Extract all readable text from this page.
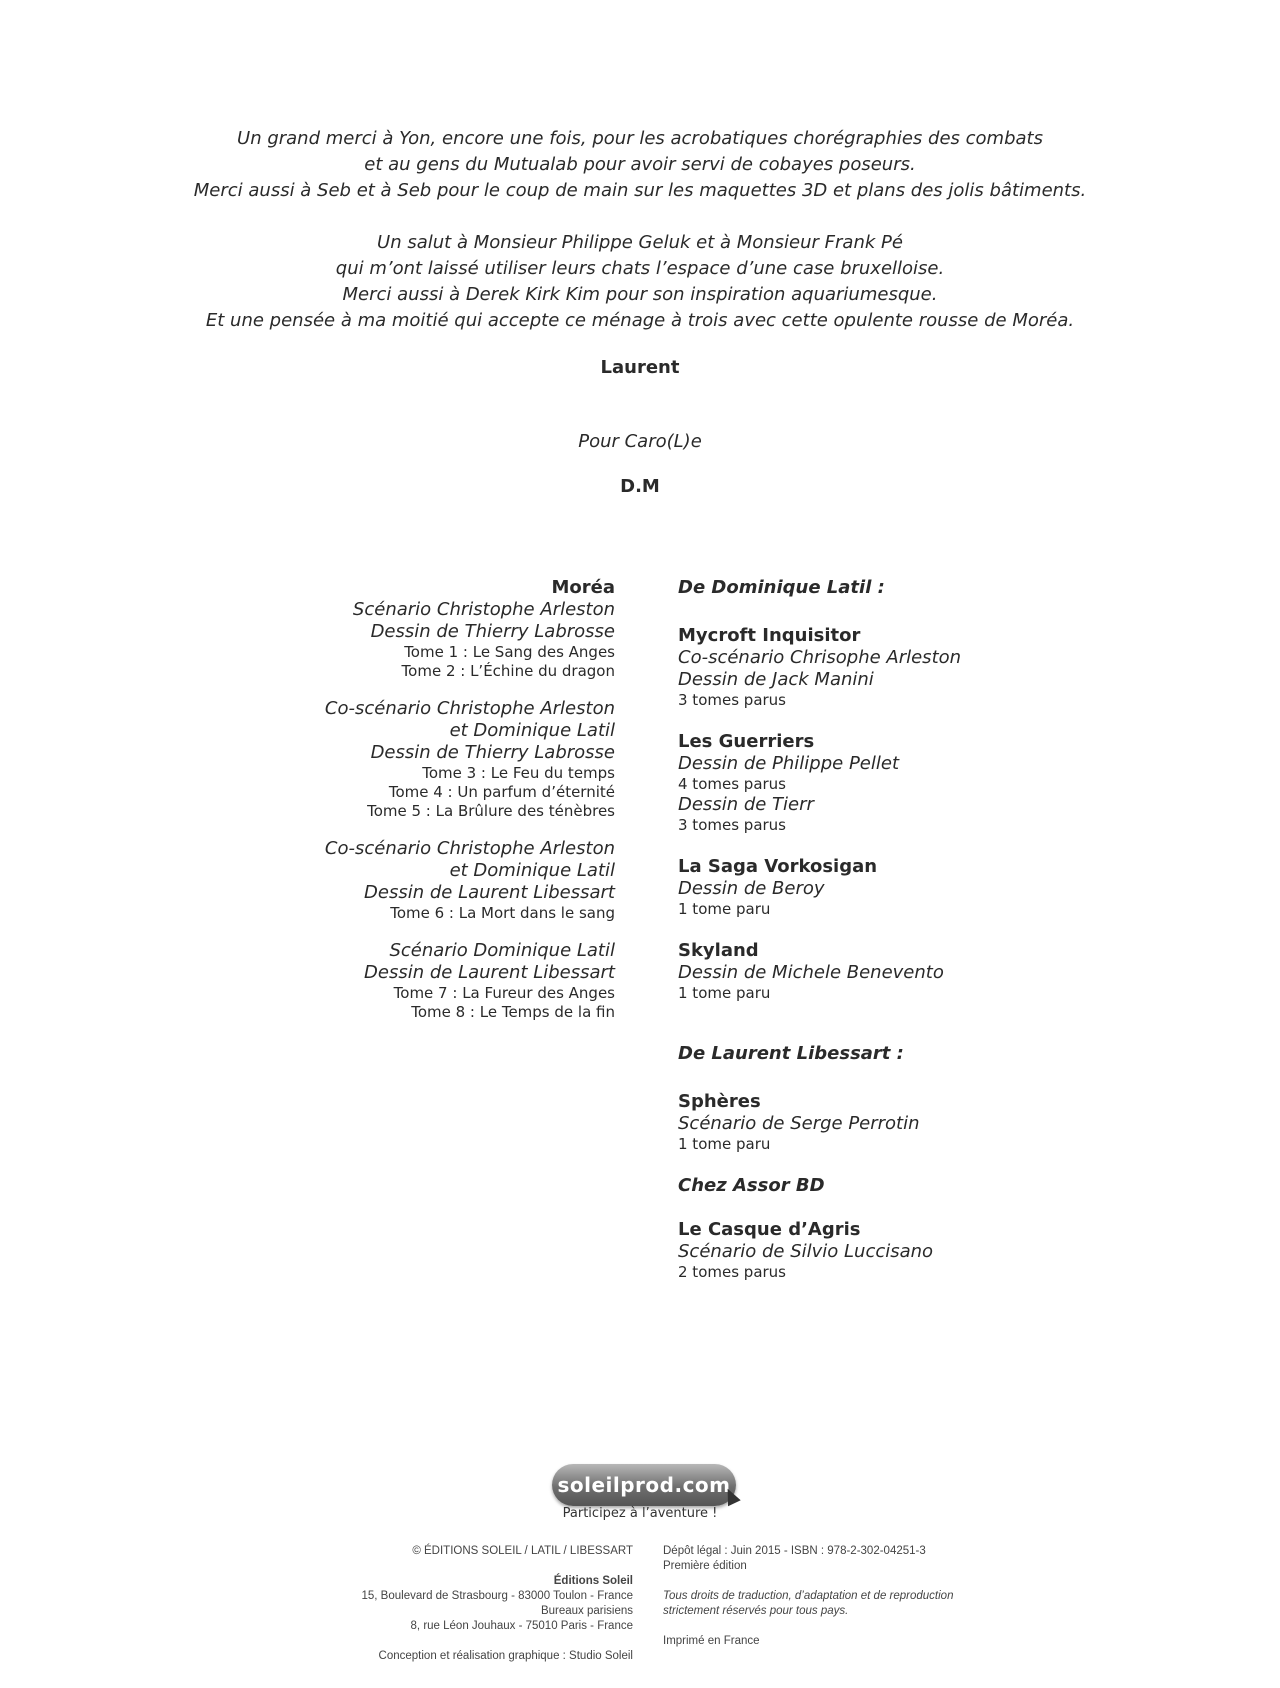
Un grand merci à Yon, encore une fois, pour les acrobatiques chorégraphies des combats

et au gens du Mutualab pour avoir servi de cobayes poseurs.

Merci aussi à Seb et à Seb pour le coup de main sur les maquettes 3D et plans des jolis bâtiments.

Un salut à Monsieur Philippe Geluk et à Monsieur Frank Pé

qui m’ont laissé utiliser leurs chats l’espace d’une case bruxelloise.

Merci aussi à Derek Kirk Kim pour son inspiration aquariumesque.

Et une pensée à ma moitié qui accepte ce ménage à trois avec cette opulente rousse de Moréa.

Laurent
Pour Caro(L)e
D.M
Moréa
Scénario Christophe Arleston
Dessin de Thierry Labrosse
Tome 1 : Le Sang des Anges
Tome 2 : L’Échine du dragon
Co-scénario Christophe Arleston
et Dominique Latil
Dessin de Thierry Labrosse
Tome 3 : Le Feu du temps
Tome 4 : Un parfum d’éternité
Tome 5 : La Brûlure des ténèbres
Co-scénario Christophe Arleston
et Dominique Latil
Dessin de Laurent Libessart
Tome 6 : La Mort dans le sang
Scénario Dominique Latil
Dessin de Laurent Libessart
Tome 7 : La Fureur des Anges
Tome 8 : Le Temps de la fin
De Dominique Latil :
Mycroft Inquisitor
Co-scénario Chrisophe Arleston
Dessin de Jack Manini
3 tomes parus
Les Guerriers
Dessin de Philippe Pellet
4 tomes parus
Dessin de Tierr
3 tomes parus
La Saga Vorkosigan
Dessin de Beroy
1 tome paru
Skyland
Dessin de Michele Benevento
1 tome paru
De Laurent Libessart :
Sphères
Scénario de Serge Perrotin
1 tome paru
Chez Assor BD
Le Casque d’Agris
Scénario de Silvio Luccisano
2 tomes parus
soleilprod.com
Participez à l’aventure !
© ÉDITIONS SOLEIL / LATIL / LIBESSART
Éditions Soleil
15, Boulevard de Strasbourg - 83000 Toulon - France
Bureaux parisiens
8, rue Léon Jouhaux - 75010 Paris - France
Conception et réalisation graphique : Studio Soleil
Dépôt légal : Juin 2015 - ISBN : 978-2-302-04251-3
Première édition
Tous droits de traduction, d’adaptation et de reproduction
strictement réservés pour tous pays.
Imprimé en France
